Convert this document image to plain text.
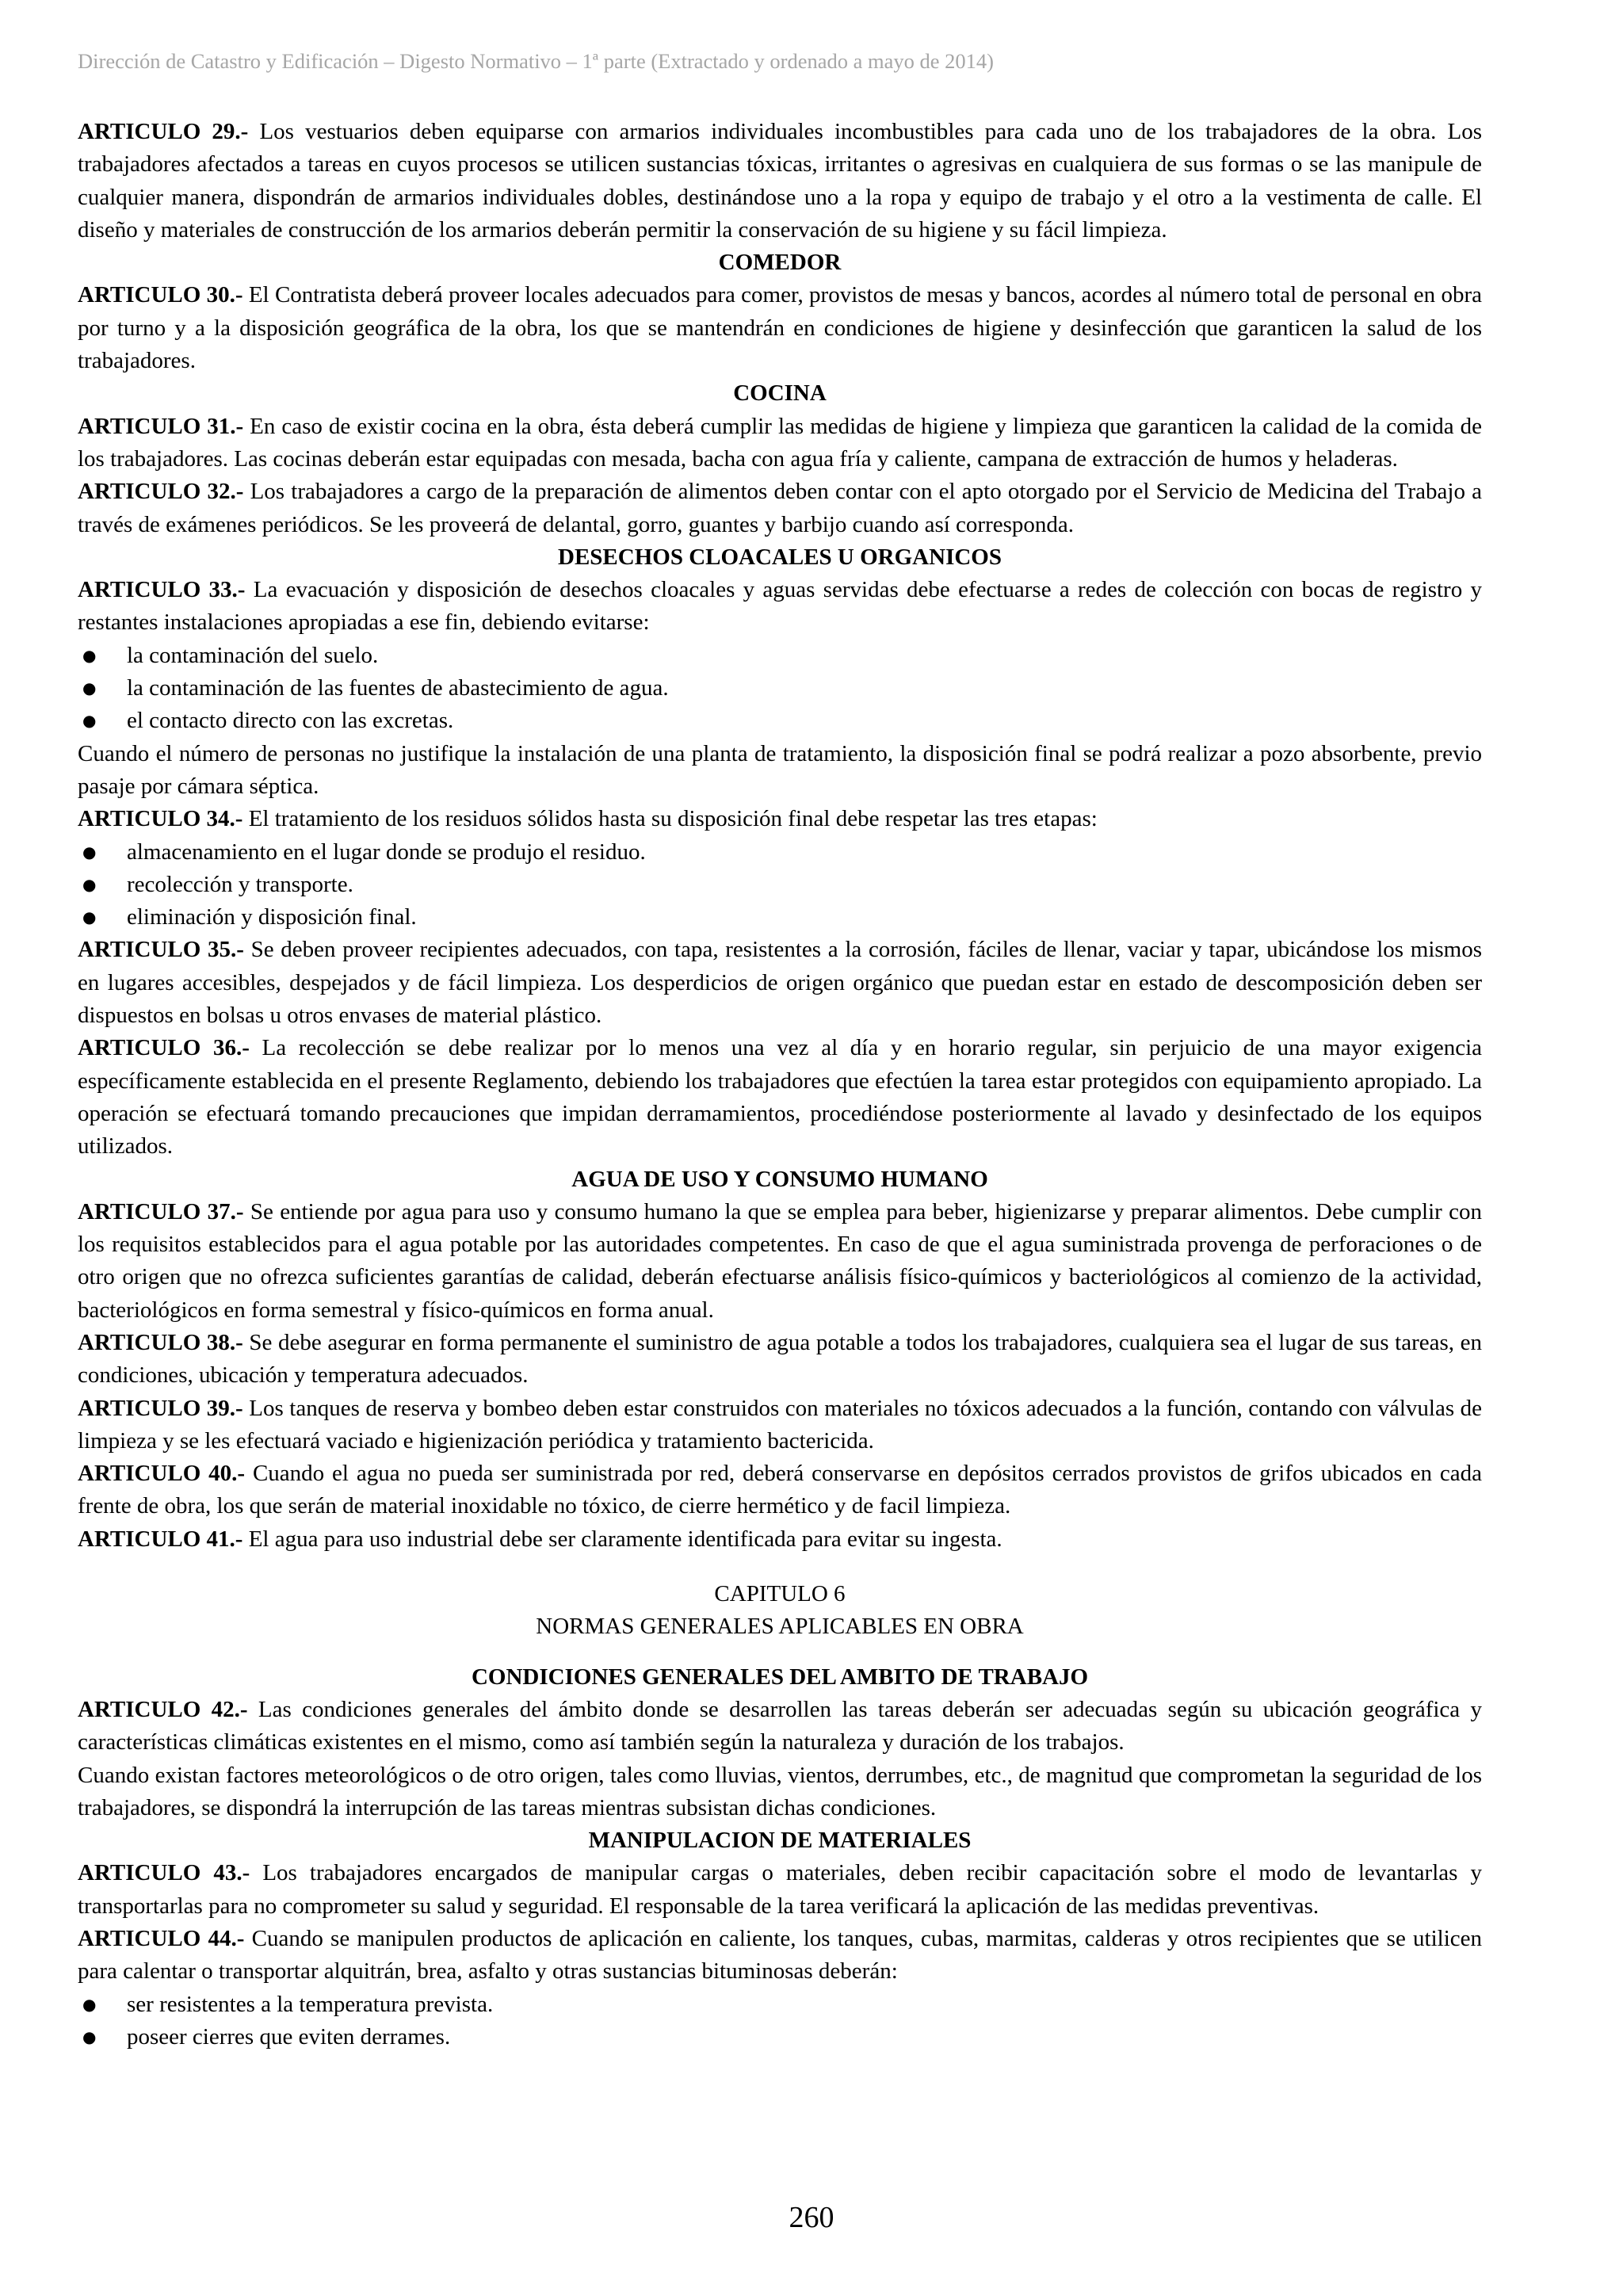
Dirección de Catastro y Edificación – Digesto Normativo – 1ª parte (Extractado y ordenado a mayo de 2014)

ARTICULO 29.- Los vestuarios deben equiparse con armarios individuales incombustibles para cada uno de los trabajadores de la obra. Los trabajadores afectados a tareas en cuyos procesos se utilicen sustancias tóxicas, irritantes o agresivas en cualquiera de sus formas o se las manipule de cualquier manera, dispondrán de armarios individuales dobles, destinándose uno a la ropa y equipo de trabajo y el otro a la vestimenta de calle. El diseño y materiales de construcción de los armarios deberán permitir la conservación de su higiene y su fácil limpieza.

COMEDOR

ARTICULO 30.- El Contratista deberá proveer locales adecuados para comer, provistos de mesas y bancos, acordes al número total de personal en obra por turno y a la disposición geográfica de la obra, los que se mantendrán en condiciones de higiene y desinfección que garanticen la salud de los trabajadores.

COCINA

ARTICULO 31.- En caso de existir cocina en la obra, ésta deberá cumplir las medidas de higiene y limpieza que garanticen la calidad de la comida de los trabajadores. Las cocinas deberán estar equipadas con mesada, bacha con agua fría y caliente, campana de extracción de humos y heladeras.

ARTICULO 32.- Los trabajadores a cargo de la preparación de alimentos deben contar con el apto otorgado por el Servicio de Medicina del Trabajo a través de exámenes periódicos. Se les proveerá de delantal, gorro, guantes y barbijo cuando así corresponda.

DESECHOS CLOACALES U ORGANICOS

ARTICULO 33.- La evacuación y disposición de desechos cloacales y aguas servidas debe efectuarse a redes de colección con bocas de registro y restantes instalaciones apropiadas a ese fin, debiendo evitarse:

●	la contaminación del suelo.
●	la contaminación de las fuentes de abastecimiento de agua.
●	el contacto directo con las excretas.

Cuando el número de personas no justifique la instalación de una planta de tratamiento, la disposición final se podrá realizar a pozo absorbente, previo pasaje por cámara séptica.

ARTICULO 34.- El tratamiento de los residuos sólidos hasta su disposición final debe respetar las tres etapas:

●	almacenamiento en el lugar donde se produjo el residuo.
●	recolección y transporte.
●	eliminación y disposición final.

ARTICULO 35.- Se deben proveer recipientes adecuados, con tapa, resistentes a la corrosión, fáciles de llenar, vaciar y tapar, ubicándose los mismos en lugares accesibles, despejados y de fácil limpieza. Los desperdicios de origen orgánico que puedan estar en estado de descomposición deben ser dispuestos en bolsas u otros envases de material plástico.

ARTICULO 36.- La recolección se debe realizar por lo menos una vez al día y en horario regular, sin perjuicio de una mayor exigencia específicamente establecida en el presente Reglamento, debiendo los trabajadores que efectúen la tarea estar protegidos con equipamiento apropiado. La operación se efectuará tomando precauciones que impidan derramamientos, procediéndose posteriormente al lavado y desinfectado de los equipos utilizados.

AGUA DE USO Y CONSUMO HUMANO

ARTICULO 37.- Se entiende por agua para uso y consumo humano la que se emplea para beber, higienizarse y preparar alimentos. Debe cumplir con los requisitos establecidos para el agua potable por las autoridades competentes. En caso de que el agua suministrada provenga de perforaciones o de otro origen que no ofrezca suficientes garantías de calidad, deberán efectuarse análisis físico-químicos y bacteriológicos al comienzo de la actividad, bacteriológicos en forma semestral y físico-químicos en forma anual.

ARTICULO 38.- Se debe asegurar en forma permanente el suministro de agua potable a todos los trabajadores, cualquiera sea el lugar de sus tareas, en condiciones, ubicación y temperatura adecuados.

ARTICULO 39.- Los tanques de reserva y bombeo deben estar construidos con materiales no tóxicos adecuados a la función, contando con válvulas de limpieza y se les efectuará vaciado e higienización periódica y tratamiento bactericida.

ARTICULO 40.- Cuando el agua no pueda ser suministrada por red, deberá conservarse en depósitos cerrados provistos de grifos ubicados en cada frente de obra, los que serán de material inoxidable no tóxico, de cierre hermético y de facil limpieza.

ARTICULO 41.- El agua para uso industrial debe ser claramente identificada para evitar su ingesta.

CAPITULO 6

NORMAS GENERALES APLICABLES EN OBRA

CONDICIONES GENERALES DEL AMBITO DE TRABAJO

ARTICULO 42.- Las condiciones generales del ámbito donde se desarrollen las tareas deberán ser adecuadas según su ubicación geográfica y características climáticas existentes en el mismo, como así también según la naturaleza y duración de los trabajos.

Cuando existan factores meteorológicos o de otro origen, tales como lluvias, vientos, derrumbes, etc., de magnitud que comprometan la seguridad de los trabajadores, se dispondrá la interrupción de las tareas mientras subsistan dichas condiciones.

MANIPULACION DE MATERIALES

ARTICULO 43.- Los trabajadores encargados de manipular cargas o materiales, deben recibir capacitación sobre el modo de levantarlas y transportarlas para no comprometer su salud y seguridad. El responsable de la tarea verificará la aplicación de las medidas preventivas.

ARTICULO 44.- Cuando se manipulen productos de aplicación en caliente, los tanques, cubas, marmitas, calderas y otros recipientes que se utilicen para calentar o transportar alquitrán, brea, asfalto y otras sustancias bituminosas deberán:

●	ser resistentes a la temperatura prevista.
●	poseer cierres que eviten derrames.
260
